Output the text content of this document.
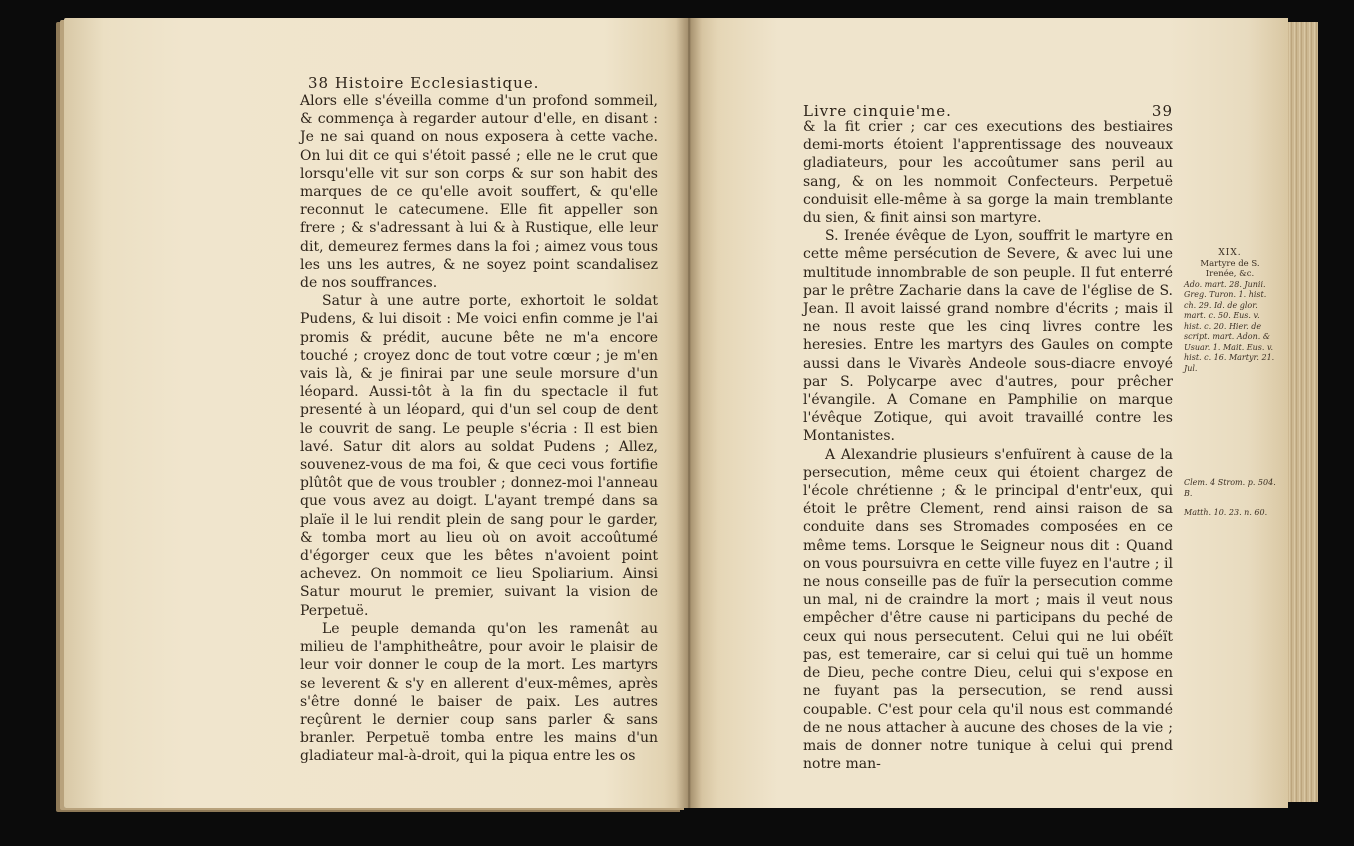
38 Histoire Ecclesiastique.

Alors elle s'éveilla comme d'un profond sommeil, & commença à regarder autour d'elle, en disant : Je ne sai quand on nous exposera à cette vache. On lui dit ce qui s'étoit passé ; elle ne le crut que lorsqu'elle vit sur son corps & sur son habit des marques de ce qu'elle avoit souffert, & qu'elle reconnut le catecumene. Elle fit appeller son frere ; & s'adressant à lui & à Rustique, elle leur dit, demeurez fermes dans la foi ; aimez vous tous les uns les autres, & ne soyez point scandalisez de nos souffrances.

Satur à une autre porte, exhortoit le soldat Pudens, & lui disoit : Me voici enfin comme je l'ai promis & prédit, aucune bête ne m'a encore touché ; croyez donc de tout votre cœur ; je m'en vais là, & je finirai par une seule morsure d'un léopard. Aussi-tôt à la fin du spectacle il fut presenté à un léopard, qui d'un sel coup de dent le couvrit de sang. Le peuple s'écria : Il est bien lavé. Satur dit alors au soldat Pudens ; Allez, souvenez-vous de ma foi, & que ceci vous fortifie plûtôt que de vous troubler ; donnez-moi l'anneau que vous avez au doigt. L'ayant trempé dans sa plaïe il le lui rendit plein de sang pour le garder, & tomba mort au lieu où on avoit accoûtumé d'égorger ceux que les bêtes n'avoient point achevez. On nommoit ce lieu Spoliarium. Ainsi Satur mourut le premier, suivant la vision de Perpetuë.

Le peuple demanda qu'on les ramenât au milieu de l'amphitheâtre, pour avoir le plaisir de leur voir donner le coup de la mort. Les martyrs se leverent & s'y en allerent d'eux-mêmes, après s'être donné le baiser de paix. Les autres reçûrent le dernier coup sans parler & sans branler. Perpetuë tomba entre les mains d'un gladiateur mal-à-droit, qui la piqua entre les os

Livre cinquie'me.	39

& la fit crier ; car ces executions des bestiaires demi-morts étoient l'apprentissage des nouveaux gladiateurs, pour les accoûtumer sans peril au sang, & on les nommoit Confecteurs. Perpetuë conduisit elle-même à sa gorge la main tremblante du sien, & finit ainsi son martyre.

S. Irenée évêque de Lyon, souffrit le martyre en cette même persécution de Severe, & avec lui une multitude innombrable de son peuple. Il fut enterré par le prêtre Zacharie dans la cave de l'église de S. Jean. Il avoit laissé grand nombre d'écrits ; mais il ne nous reste que les cinq livres contre les heresies. Entre les martyrs des Gaules on compte aussi dans le Vivarès Andeole sous-diacre envoyé par S. Polycarpe avec d'autres, pour prêcher l'évangile. A Comane en Pamphilie on marque l'évêque Zotique, qui avoit travaillé contre les Montanistes.

A Alexandrie plusieurs s'enfuïrent à cause de la persecution, même ceux qui étoient chargez de l'école chrétienne ; & le principal d'entr'eux, qui étoit le prêtre Clement, rend ainsi raison de sa conduite dans ses Stromades composées en ce même tems. Lorsque le Seigneur nous dit : Quand on vous poursuivra en cette ville fuyez en l'autre ; il ne nous conseille pas de fuïr la persecution comme un mal, ni de craindre la mort ; mais il veut nous empêcher d'être cause ni participans du peché de ceux qui nous persecutent. Celui qui ne lui obéït pas, est temeraire, car si celui qui tuë un homme de Dieu, peche contre Dieu, celui qui s'expose en ne fuyant pas la persecution, se rend aussi coupable. C'est pour cela qu'il nous est commandé de ne nous attacher à aucune des choses de la vie ; mais de donner notre tunique à celui qui prend notre man-

XIX.
Martyre de S. Irenée, &c.
Ado. mart. 28. Junii. Greg. Turon. 1. hist. ch. 29. Id. de glor. mart. c. 50. Eus. v. hist. c. 20. Hier. de script. mart. Adon. & Usuar. 1. Mait. Eus. v. hist. c. 16. Martyr. 21. Jul.
Clem. 4 Strom. p. 504. B.
Matth. 10. 23. n. 60.
